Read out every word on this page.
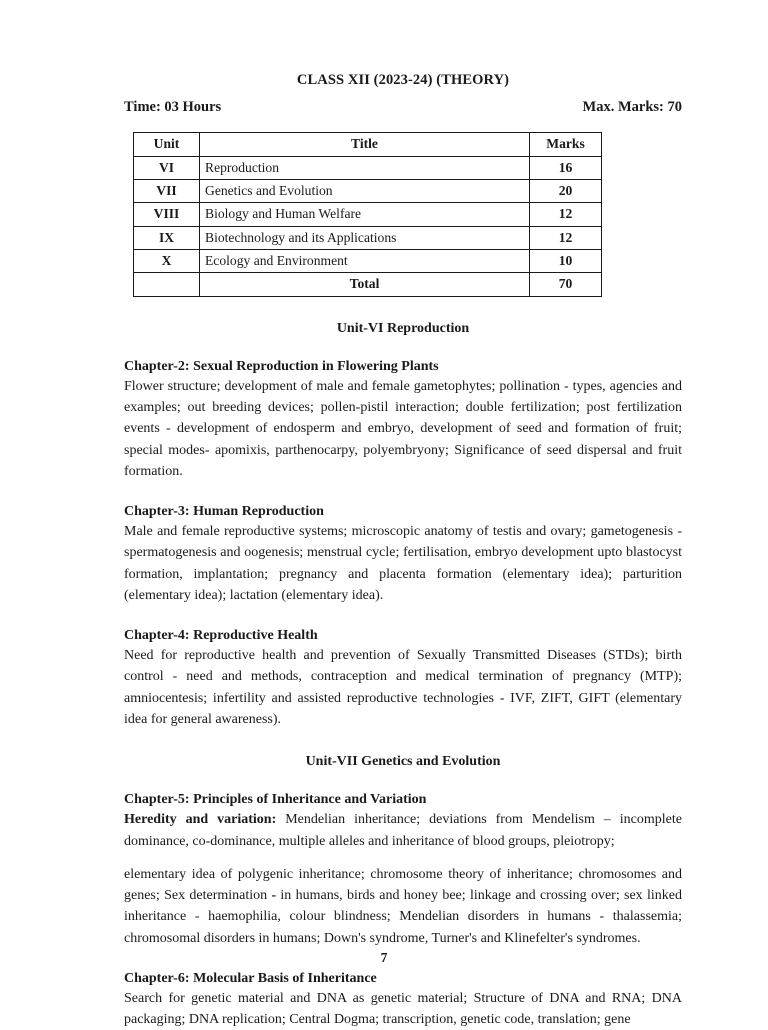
CLASS XII (2023-24) (THEORY)
Time: 03 Hours	Max. Marks: 70
Unit	Title	Marks
VI	Reproduction	16
VII	Genetics and Evolution	20
VIII	Biology and Human Welfare	12
IX	Biotechnology and its Applications	12
X	Ecology and Environment	10
	Total	70
Unit-VI Reproduction
Chapter-2: Sexual Reproduction in Flowering Plants

Flower structure; development of male and female gametophytes; pollination - types, agencies and examples; out breeding devices; pollen-pistil interaction; double fertilization; post fertilization events - development of endosperm and embryo, development of seed and formation of fruit; special modes- apomixis, parthenocarpy, polyembryony; Significance of seed dispersal and fruit formation.

Chapter-3: Human Reproduction

Male and female reproductive systems; microscopic anatomy of testis and ovary; gametogenesis -spermatogenesis and oogenesis; menstrual cycle; fertilisation, embryo development upto blastocyst formation, implantation; pregnancy and placenta formation (elementary idea); parturition (elementary idea); lactation (elementary idea).

Chapter-4: Reproductive Health

Need for reproductive health and prevention of Sexually Transmitted Diseases (STDs); birth control - need and methods, contraception and medical termination of pregnancy (MTP); amniocentesis; infertility and assisted reproductive technologies - IVF, ZIFT, GIFT (elementary idea for general awareness).

Unit-VII Genetics and Evolution
Chapter-5: Principles of Inheritance and Variation

Heredity and variation: Mendelian inheritance; deviations from Mendelism – incomplete dominance, co-dominance, multiple alleles and inheritance of blood groups, pleiotropy;

elementary idea of polygenic inheritance; chromosome theory of inheritance; chromosomes and genes; Sex determination - in humans, birds and honey bee; linkage and crossing over; sex linked inheritance - haemophilia, colour blindness; Mendelian disorders in humans - thalassemia; chromosomal disorders in humans; Down's syndrome, Turner's and Klinefelter's syndromes.

Chapter-6: Molecular Basis of Inheritance

Search for genetic material and DNA as genetic material; Structure of DNA and RNA; DNA packaging; DNA replication; Central Dogma; transcription, genetic code, translation; gene

7
